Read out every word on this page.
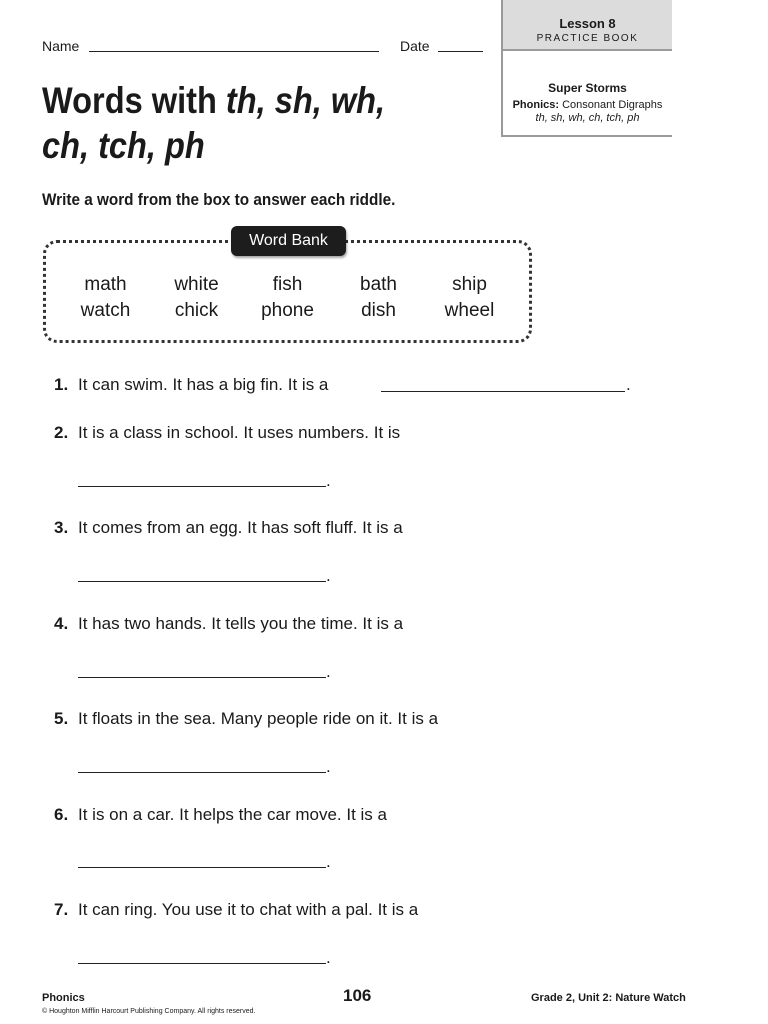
Name	Date
Lesson 8
PRACTICE BOOK
Super Storms
Phonics: Consonant Digraphs
th, sh, wh, ch, tch, ph
Words with th, sh, wh,
ch, tch, ph
Write a word from the box to answer each riddle.
Word Bank
math	white	fish	bath	ship
watch	chick	phone	dish	wheel
1. It can swim. It has a big fin. It is a	.
2. It is a class in school. It uses numbers. It is
.
3. It comes from an egg. It has soft fluff. It is a
.
4. It has two hands. It tells you the time. It is a
.
5. It floats in the sea. Many people ride on it. It is a
.
6. It is on a car. It helps the car move. It is a
.
7. It can ring. You use it to chat with a pal. It is a
.
Phonics
© Houghton Mifflin Harcourt Publishing Company. All rights reserved.
106	Grade 2, Unit 2: Nature Watch
